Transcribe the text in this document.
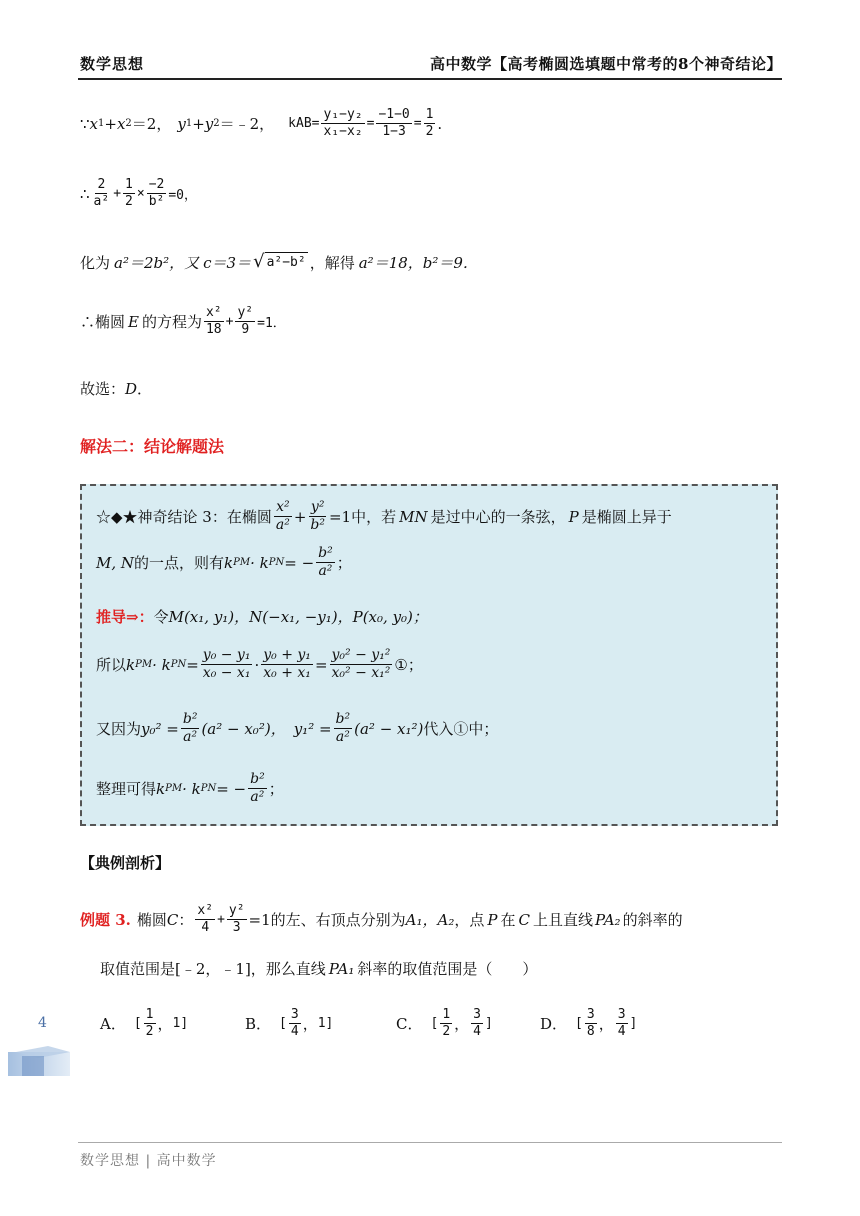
数学思想	高中数学【高考椭圆选填题中常考的8个神奇结论】
∵ x 1 +x 2 ＝2， y 1 +y 2 ＝﹣2， k AB = $\frac{\text{y₁−y₂}}{\text{x₁−x₂}} = \frac{-1-0}{1-3} = \frac{1}{2}$ .
∴ $\frac{2}{\text{a²}} + \frac{1}{2} \times \frac{-2}{\text{b²}} =0$，
化为 a²＝2b²，又 c＝3＝ √ a²−b² ，解得 a²＝18，b²＝9．
∴椭圆 E 的方程为 $\frac{\text{x²}}{18} + \frac{\text{y²}}{9} =1$．
故选： D ．
解法二：结论解题法
☆◆★神奇结论 3：在椭圆 $\frac{\text{x²}}{\text{a²}} + \frac{\text{y²}}{\text{b²}} =1$中，若 MN 是过中心的一条弦， P 是椭圆上异于
M, N 的一点，则有 k PM · k PN = − $\frac{\text{b²}}{\text{a²}}$ ；
推导⇒： 令 M(x₁, y₁)，N(−x₁, −y₁)，P(x₀, y₀)；
所以 k PM · k PN = $\frac{\text{y₀ − y₁}}{\text{x₀ − x₁}} \cdot \frac{\text{y₀ + y₁}}{\text{x₀ + x₁}} = \frac{\text{y₀² − y₁²}}{\text{x₀² − x₁²}}$ ①；
又因为 $y_0^2 = \frac{\text{b²}}{\text{a²}} (a^2 - x_0^2)$， $y_1^2 = \frac{\text{b²}}{\text{a²}} (a^2 - x_1^2)$ 代入①中；
整理可得 k PM · k PN = − $\frac{\text{b²}}{\text{a²}}$ ；
【典例剖析】
例题 3. 椭圆 C ： $\frac{\text{x²}}{4} + \frac{\text{y²}}{3} =1$的左、右顶点分别为 A₁，A₂ ，点 P 在 C 上且直线 PA₂ 的斜率的
取值范围是[﹣2，﹣1]，那么直线 PA₁ 斜率的取值范围是（　　）
A． [ $\frac{1}{2}$ ， 1 ]	B． [ $\frac{3}{4}$ ， 1 ]	C． [ $\frac{1}{2}$ ， $\frac{3}{4}$ ]	D． [ $\frac{3}{8}$ ， $\frac{3}{4}$ ]
4
数学思想 | 高中数学
